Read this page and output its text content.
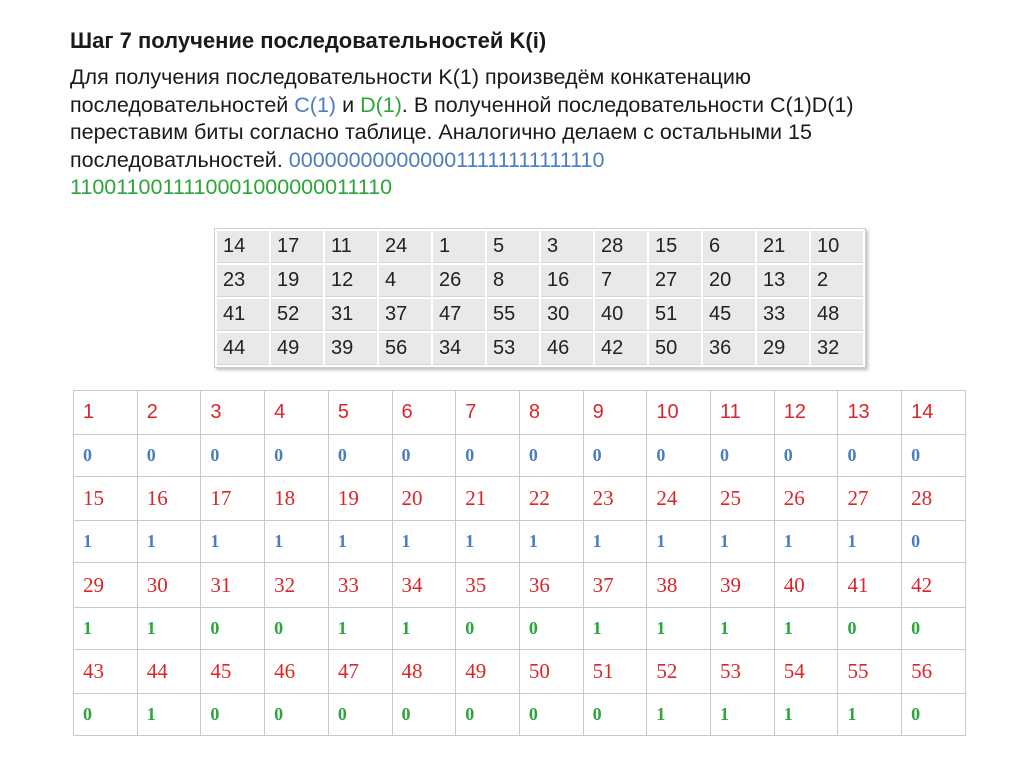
Шаг 7 получение последовательностей K(i)
Для получения последовательности K(1) произведём конкатенацию последовательностей C(1) и D(1). В полученной последовательности C(1)D(1) переставим биты согласно таблице. Аналогично делаем с остальными 15 последоватльностей. 0000000000000011111111111110
1100110011110001000000011110
14	17	11	24	1	5	3	28	15	6	21	10
23	19	12	4	26	8	16	7	27	20	13	2
41	52	31	37	47	55	30	40	51	45	33	48
44	49	39	56	34	53	46	42	50	36	29	32
1	2	3	4	5	6	7	8	9	10	11	12	13	14
0	0	0	0	0	0	0	0	0	0	0	0	0	0
15	16	17	18	19	20	21	22	23	24	25	26	27	28
1	1	1	1	1	1	1	1	1	1	1	1	1	0
29	30	31	32	33	34	35	36	37	38	39	40	41	42
1	1	0	0	1	1	0	0	1	1	1	1	0	0
43	44	45	46	47	48	49	50	51	52	53	54	55	56
0	1	0	0	0	0	0	0	0	1	1	1	1	0
